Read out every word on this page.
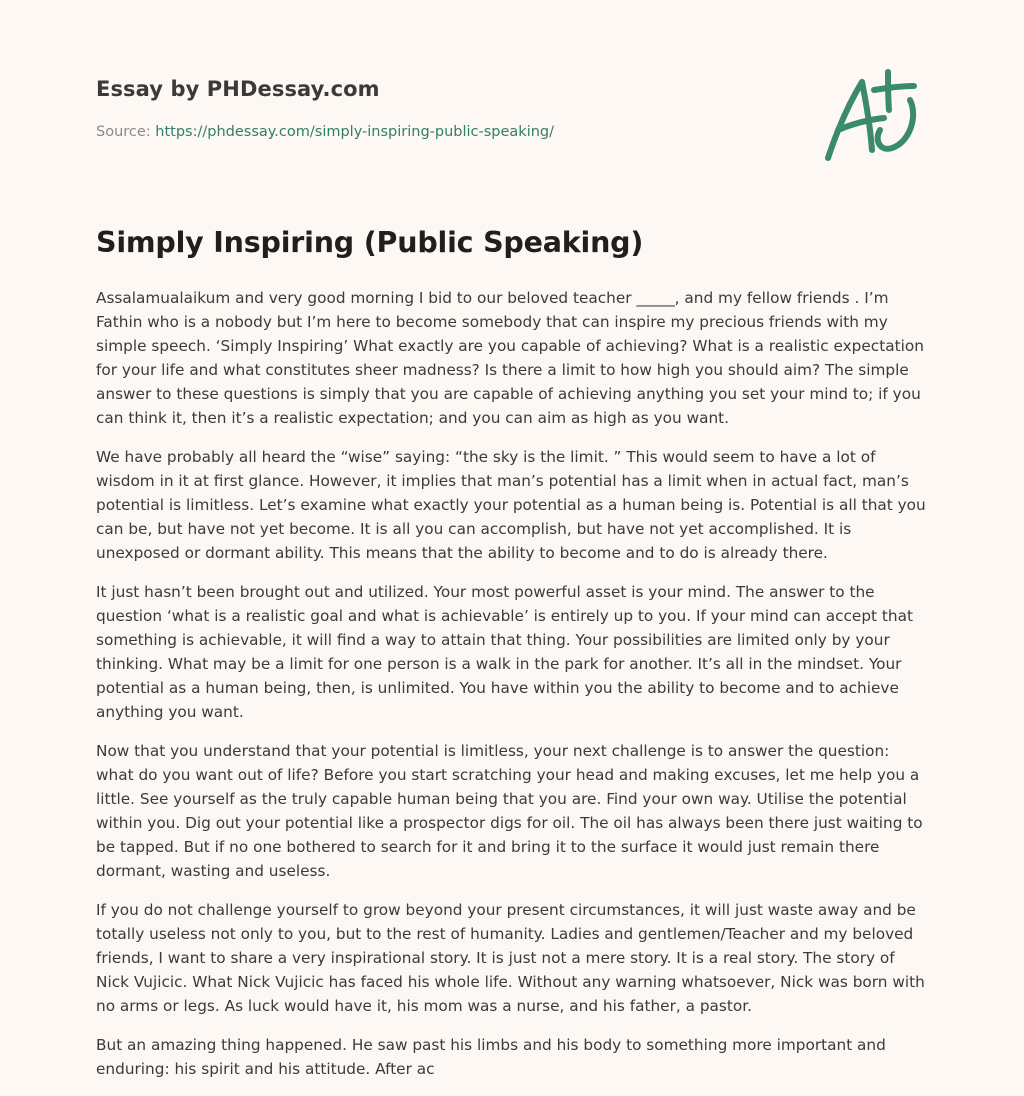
Essay by PHDessay.com
Source: https://phdessay.com/simply-inspiring-public-speaking/
Simply Inspiring (Public Speaking)

Assalamualaikum and very good morning I bid to our beloved teacher _____, and my fellow friends . I’m Fathin who is a nobody but I’m here to become somebody that can inspire my precious friends with my simple speech. ‘Simply Inspiring’ What exactly are you capable of achieving? What is a realistic expectation for your life and what constitutes sheer madness? Is there a limit to how high you should aim? The simple answer to these questions is simply that you are capable of achieving anything you set your mind to; if you can think it, then it’s a realistic expectation; and you can aim as high as you want.

We have probably all heard the “wise” saying: “the sky is the limit. ” This would seem to have a lot of wisdom in it at first glance. However, it implies that man’s potential has a limit when in actual fact, man’s potential is limitless. Let’s examine what exactly your potential as a human being is. Potential is all that you can be, but have not yet become. It is all you can accomplish, but have not yet accomplished. It is unexposed or dormant ability. This means that the ability to become and to do is already there.

It just hasn’t been brought out and utilized. Your most powerful asset is your mind. The answer to the question ‘what is a realistic goal and what is achievable’ is entirely up to you. If your mind can accept that something is achievable, it will find a way to attain that thing. Your possibilities are limited only by your thinking. What may be a limit for one person is a walk in the park for another. It’s all in the mindset. Your potential as a human being, then, is unlimited. You have within you the ability to become and to achieve anything you want.

Now that you understand that your potential is limitless, your next challenge is to answer the question: what do you want out of life? Before you start scratching your head and making excuses, let me help you a little. See yourself as the truly capable human being that you are. Find your own way. Utilise the potential within you. Dig out your potential like a prospector digs for oil. The oil has always been there just waiting to be tapped. But if no one bothered to search for it and bring it to the surface it would just remain there dormant, wasting and useless.

If you do not challenge yourself to grow beyond your present circumstances, it will just waste away and be totally useless not only to you, but to the rest of humanity. Ladies and gentlemen/Teacher and my beloved friends, I want to share a very inspirational story. It is just not a mere story. It is a real story. The story of Nick Vujicic. What Nick Vujicic has faced his whole life. Without any warning whatsoever, Nick was born with no arms or legs. As luck would have it, his mom was a nurse, and his father, a pastor.

But an amazing thing happened. He saw past his limbs and his body to something more important and enduring: his spirit and his attitude. After ac
